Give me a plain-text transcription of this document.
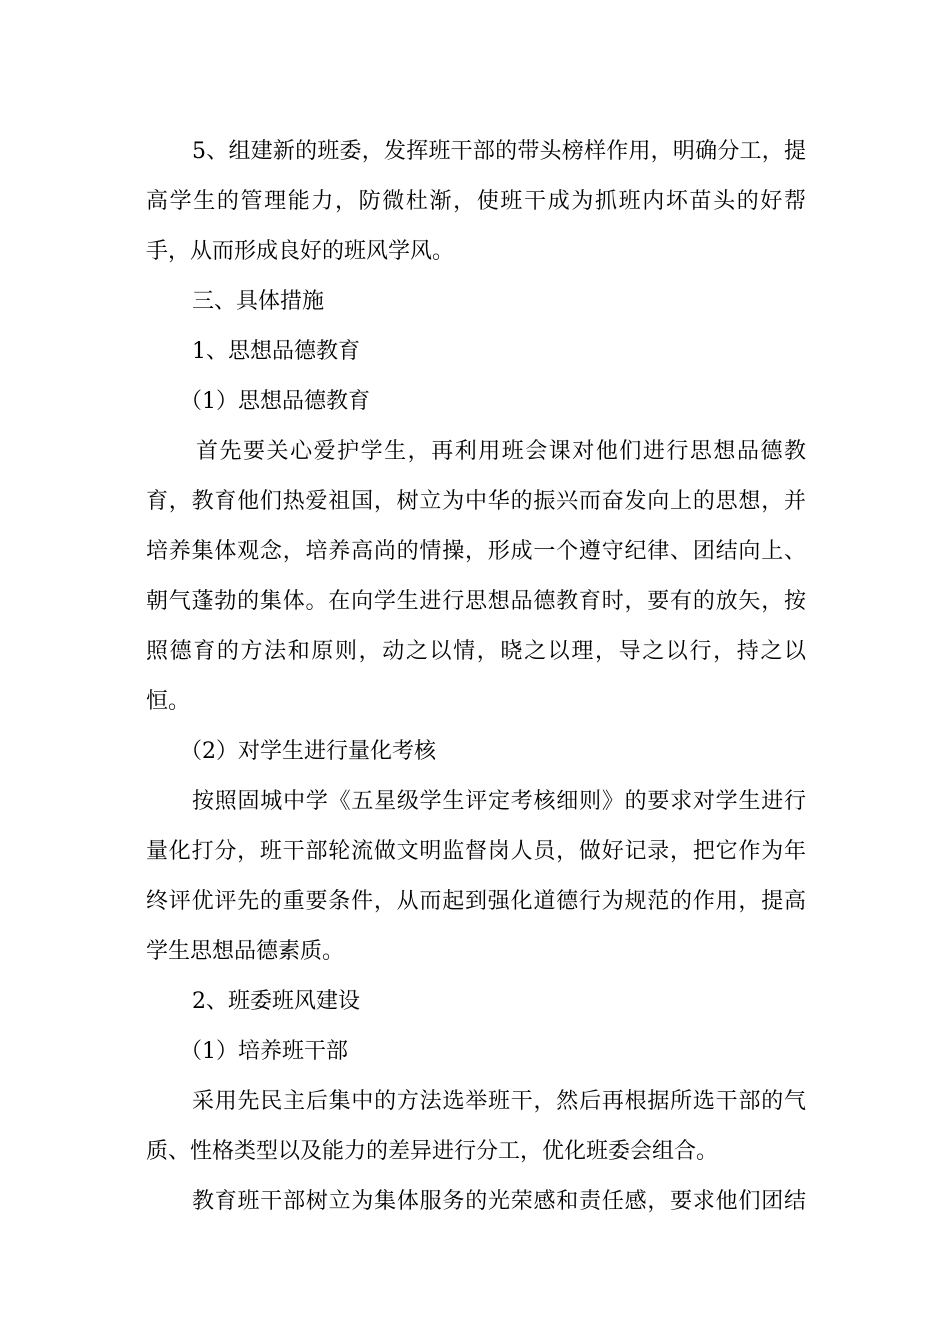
5、组建新的班委，发挥班干部的带头榜样作用，明确分工，提
高学生的管理能力，防微杜渐，使班干成为抓班内坏苗头的好帮
手，从而形成良好的班风学风。
三、具体措施
1、思想品德教育
（1）思想品德教育
首先要关心爱护学生，再利用班会课对他们进行思想品德教
育，教育他们热爱祖国，树立为中华的振兴而奋发向上的思想，并
培养集体观念，培养高尚的情操，形成一个遵守纪律、团结向上、
朝气蓬勃的集体。在向学生进行思想品德教育时，要有的放矢，按
照德育的方法和原则，动之以情，晓之以理，导之以行，持之以
恒。
（2）对学生进行量化考核
按照固城中学《五星级学生评定考核细则》的要求对学生进行
量化打分，班干部轮流做文明监督岗人员，做好记录，把它作为年
终评优评先的重要条件，从而起到强化道德行为规范的作用，提高
学生思想品德素质。
2、班委班风建设
（1）培养班干部
采用先民主后集中的方法选举班干，然后再根据所选干部的气
质、性格类型以及能力的差异进行分工，优化班委会组合。
教育班干部树立为集体服务的光荣感和责任感，要求他们团结
